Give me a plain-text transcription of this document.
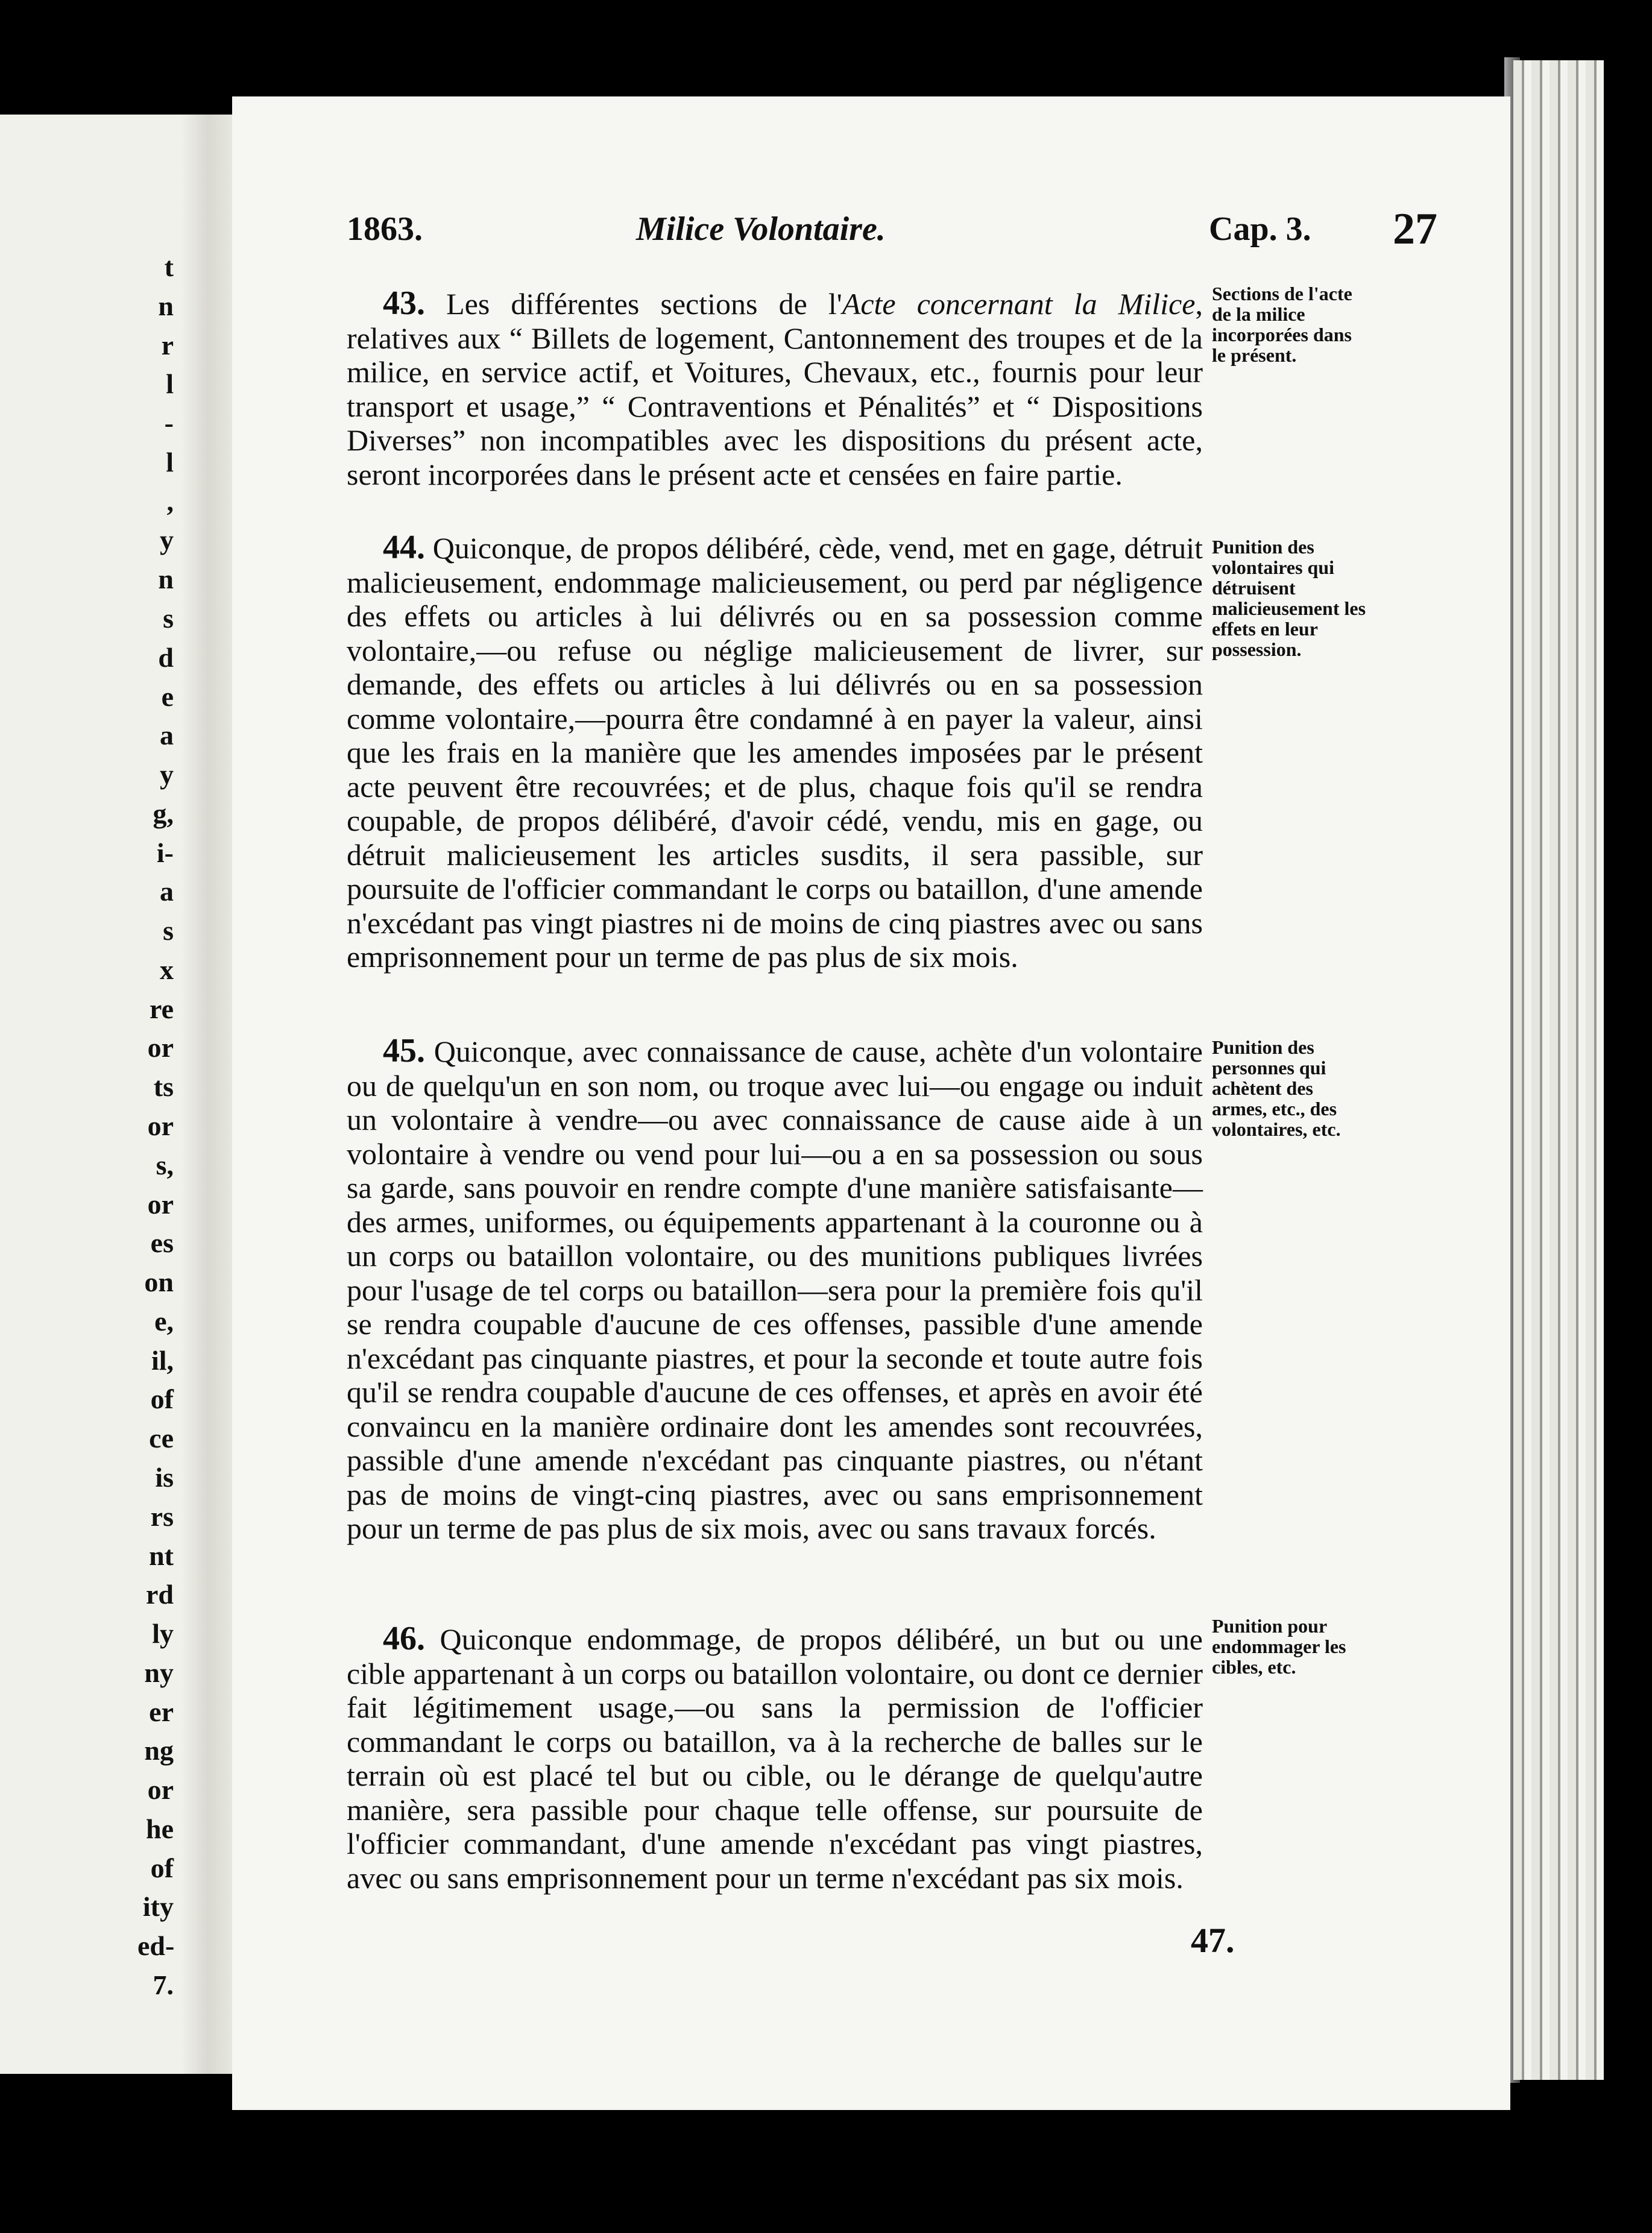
t
n
r
l
-
l
,
y
n
s
d
e
a
y
g,
i-
a
s
x
re
or
ts
or
s,
or
es
on
e,
il,
of
ce
is
rs
nt
rd
ly
ny
er
ng
or
he
of
ity
ed-
7.
1863.	Milice Volontaire.	Cap. 3. 27

43. Les différentes sections de l'Acte concernant la Milice, relatives aux “ Billets de logement, Cantonnement des troupes et de la milice, en service actif, et Voitures, Chevaux, etc., fournis pour leur transport et usage,” “ Contraventions et Pénalités” et “ Dispositions Diverses” non incompatibles avec les dispositions du présent acte, seront incorporées dans le présent acte et censées en faire partie.

Sections de l'acte de la milice incorporées dans le présent.

44. Quiconque, de propos délibéré, cède, vend, met en gage, détruit malicieusement, endommage malicieusement, ou perd par négligence des effets ou articles à lui délivrés ou en sa possession comme volontaire,—ou refuse ou néglige malicieusement de livrer, sur demande, des effets ou articles à lui délivrés ou en sa possession comme volontaire,—pourra être condamné à en payer la valeur, ainsi que les frais en la manière que les amendes imposées par le présent acte peuvent être recouvrées; et de plus, chaque fois qu'il se rendra coupable, de propos délibéré, d'avoir cédé, vendu, mis en gage, ou détruit malicieusement les articles susdits, il sera passible, sur poursuite de l'officier commandant le corps ou bataillon, d'une amende n'excédant pas vingt piastres ni de moins de cinq piastres avec ou sans emprisonnement pour un terme de pas plus de six mois.

Punition des volontaires qui détruisent malicieusement les effets en leur possession.

45. Quiconque, avec connaissance de cause, achète d'un volontaire ou de quelqu'un en son nom, ou troque avec lui—ou engage ou induit un volontaire à vendre—ou avec connaissance de cause aide à un volontaire à vendre ou vend pour lui—ou a en sa possession ou sous sa garde, sans pouvoir en rendre compte d'une manière satisfaisante—des armes, uniformes, ou équipements appartenant à la couronne ou à un corps ou bataillon volontaire, ou des munitions publiques livrées pour l'usage de tel corps ou bataillon—sera pour la première fois qu'il se rendra coupable d'aucune de ces offenses, passible d'une amende n'excédant pas cinquante piastres, et pour la seconde et toute autre fois qu'il se rendra coupable d'aucune de ces offenses, et après en avoir été convaincu en la manière ordinaire dont les amendes sont recouvrées, passible d'une amende n'excédant pas cinquante piastres, ou n'étant pas de moins de vingt-cinq piastres, avec ou sans emprisonnement pour un terme de pas plus de six mois, avec ou sans travaux forcés.

Punition des personnes qui achètent des armes, etc., des volontaires, etc.

46. Quiconque endommage, de propos délibéré, un but ou une cible appartenant à un corps ou bataillon volontaire, ou dont ce dernier fait légitimement usage,—ou sans la permission de l'officier commandant le corps ou bataillon, va à la recherche de balles sur le terrain où est placé tel but ou cible, ou le dérange de quelqu'autre manière, sera passible pour chaque telle offense, sur poursuite de l'officier commandant, d'une amende n'excédant pas vingt piastres, avec ou sans emprisonnement pour un terme n'excédant pas six mois.

Punition pour endommager les cibles, etc.
47.
